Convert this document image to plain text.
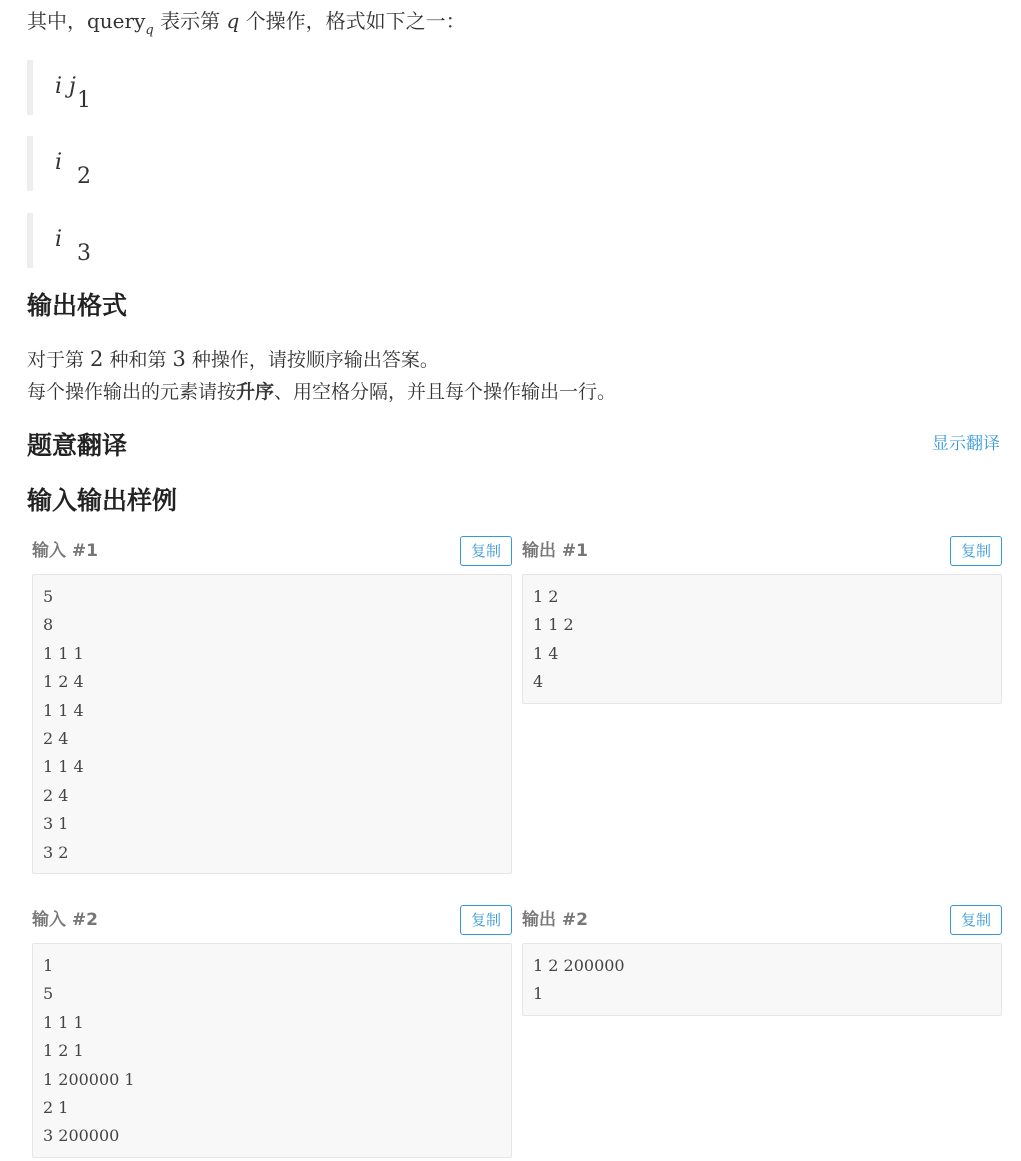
其中，query$_q$ 表示第 q 个操作，格式如下之一：
1
i j
2
i
3
i
输出格式

对于第 2 种和第 3 种操作，请按顺序输出答案。

每个操作输出的元素请按升序、用空格分隔，并且每个操作输出一行。

题意翻译	显示翻译
输入输出样例
输入 #1	复制
5
8
1 1 1
1 2 4
1 1 4
2 4
1 1 4
2 4
3 1
3 2
输出 #1	复制
1 2
1 1 2
1 4
4
输入 #2	复制
1
5
1 1 1
1 2 1
1 200000 1
2 1
3 200000
输出 #2	复制
1 2 200000
1
